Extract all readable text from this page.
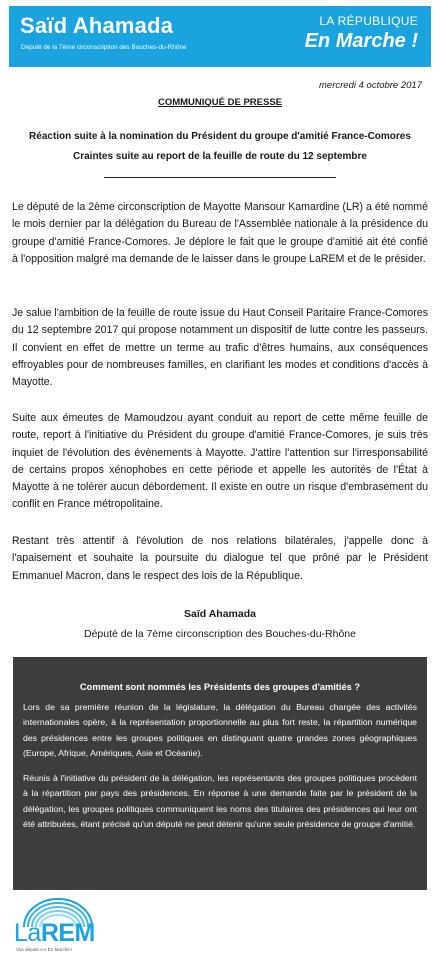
Saïd Ahamada
Député de la 7ème circonscription des Bouches-du-Rhône
LA RÉPUBLIQUE
En Marche !
mercredi 4 octobre 2017
COMMUNIQUÉ DE PRESSE
Réaction suite à la nomination du Président du groupe d'amitié France-Comores
Craintes suite au report de la feuille de route du 12 septembre

Le député de la 2ème circonscription de Mayotte Mansour Kamardine (LR) a été nommé le mois dernier par la délégation du Bureau de l'Assemblée nationale à la présidence du groupe d'amitié France-Comores. Je déplore le fait que le groupe d'amitié ait été confié à l'opposition malgré ma demande de le laisser dans le groupe LaREM et de le présider.

Je salue l'ambition de la feuille de route issue du Haut Conseil Paritaire France-Comores du 12 septembre 2017 qui propose notamment un dispositif de lutte contre les passeurs. Il convient en effet de mettre un terme au trafic d'êtres humains, aux conséquences effroyables pour de nombreuses familles, en clarifiant les modes et conditions d'accès à Mayotte.

Suite aux émeutes de Mamoudzou ayant conduit au report de cette même feuille de route, report à l'initiative du Président du groupe d'amitié France-Comores, je suis très inquiet de l'évolution des évènements à Mayotte. J'attire l'attention sur l'irresponsabilité de certains propos xénophobes en cette période et appelle les autorités de l'État à Mayotte à ne tolérer aucun débordement. Il existe en outre un risque d'embrasement du conflit en France métropolitaine.

Restant très attentif à l'évolution de nos relations bilatérales, j'appelle donc à l'apaisement et souhaite la poursuite du dialogue tel que prôné par le Président Emmanuel Macron, dans le respect des lois de la République.

Saïd Ahamada
Député de la 7ème circonscription des Bouches-du-Rhône
Comment sont nommés les Présidents des groupes d'amitiés ?

Lors de sa première réunion de la législature, la délégation du Bureau chargée des activités internationales opère, à la représentation proportionnelle au plus fort reste, la répartition numérique des présidences entre les groupes politiques en distinguant quatre grandes zones géographiques (Europe, Afrique, Amériques, Asie et Océanie).

Réunis à l'initiative du président de la délégation, les représentants des groupes politiques procèdent à la répartition par pays des présidences. En réponse à une demande faite par le président de la délégation, les groupes politiques communiquent les noms des titulaires des présidences qui leur ont été attribuées, étant précisé qu'un député ne peut détenir qu'une seule présidence de groupe d'amitié.

LaREM
Vos député.e.s En Marche !
